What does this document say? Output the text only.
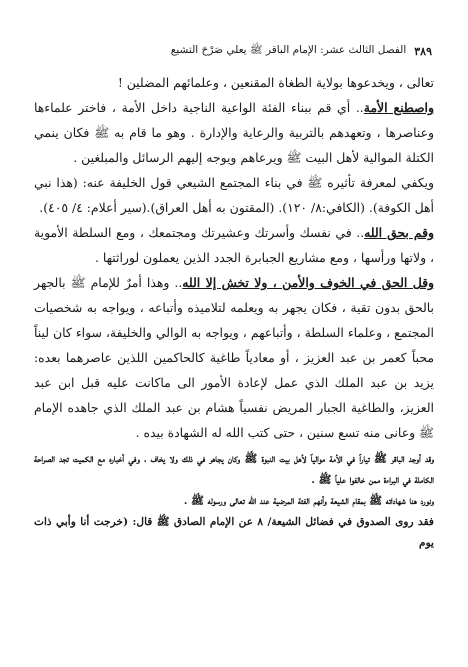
٣٨٩
الفصل الثالث عشر: الإمام الباقر ﷺ يعلي صَرْحَ التشيع

تعالى ، ويخدعوها بولاية الطغاة المقنعين ، وعلمائهم المضلين !

واصطنع الأمة.. أي قم ببناء الفئة الواعية الناجية داخل الأمة ، فاختر علماءها وعناصرها ، وتعهدهم بالتربية والرعاية والإدارة . وهو ما قام به ﷺ فكان ينمي الكتلة الموالية لأهل البيت ﷺ ويرعاهم ويوجه إليهم الرسائل والمبلغين .

ويكفي لمعرفة تأثيره ﷺ في بناء المجتمع الشيعي قول الخليفة عنه: (هذا نبي أهل الكوفة). (الكافي:٨/ ١٢٠). (المقتون به أهل العراق).(سير أعلام: ٤/ ٤٠٥).

وقم بحق الله.. في نفسك وأسرتك وعشيرتك ومجتمعك ، ومع السلطة الأموية ، ولاتها ورأسها ، ومع مشاريع الجبابرة الجدد الذين يعملون لوراثتها .

وقل الحق في الخوف والأمن ، ولا تخش إلا الله.. وهذا أمرٌ للإمام ﷺ بالجهر بالحق بدون تقية ، فكان يجهر به ويعلمه لتلاميذه وأتباعه ، ويواجه به شخصيات المجتمع ، وعلماء السلطة ، وأتباعهم ، ويواجه به الوالي والخليفة، سواء كان ليناً محباً كعمر بن عبد العزيز ، أو معادياً طاغية كالحاكمين اللذين عاصرهما بعده: يزيد بن عبد الملك الذي عمل لإعادة الأمور الى ماكانت عليه قبل ابن عبد العزيز، والطاغية الجبار المريض نفسياً هشام بن عبد الملك الذي جاهده الإمام ﷺ وعانى منه تسع سنين ، حتى كتب الله له الشهادة بيده .

وقد أوجد الباقر ﷺ تياراً في الأمة موالياً لأهل بيت النبوة ﷺ وكان يجاهر في ذلك ولا يخاف ، وفي أخباره مع الكميت تجد الصراحة الكاملة في البراءة ممن خالفوا علياً ﷺ .

ونورد هنا شهاداته ﷺ بمقام الشيعة وأنهم الفئة المرضية عند الله تعالى ورسوله ﷺ .

فقد روى الصدوق في فضائل الشيعة/ ٨ عن الإمام الصادق ﷺ قال: (خرجت أنا وأبي ذات يوم
